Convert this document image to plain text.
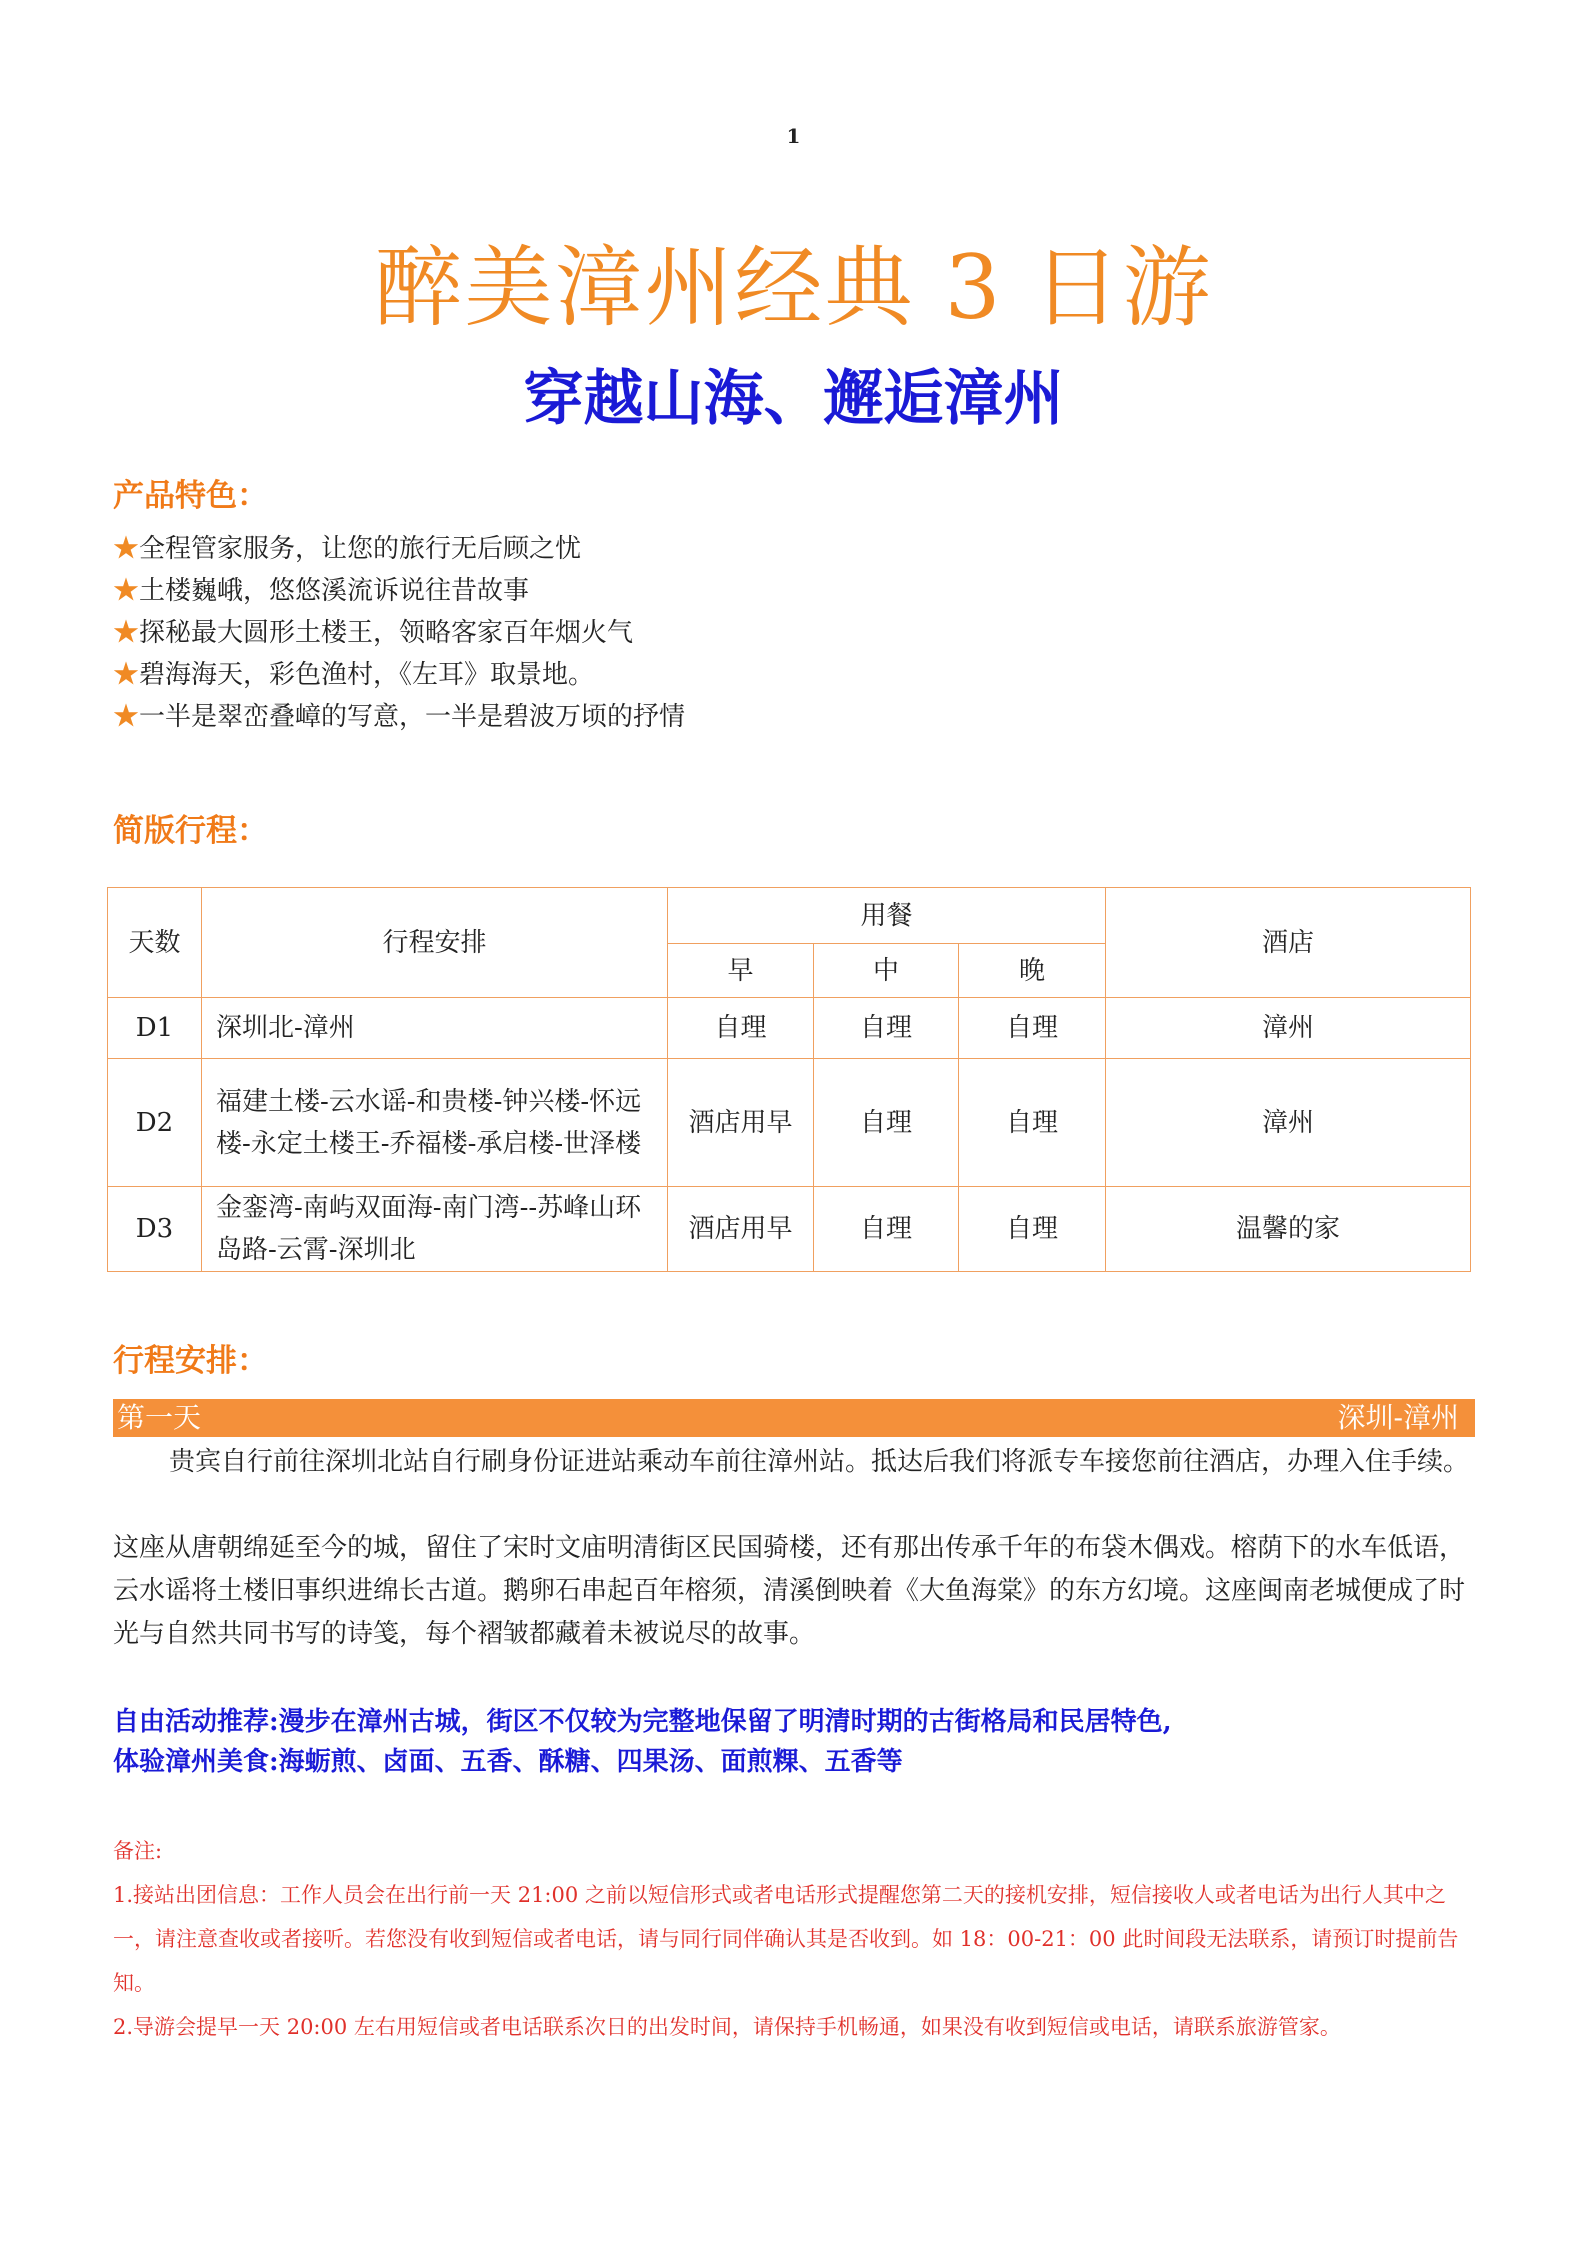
1
醉美漳州经典 3 日游
穿越山海、邂逅漳州
产品特色：
★全程管家服务，让您的旅行无后顾之忧
★土楼巍峨，悠悠溪流诉说往昔故事
★探秘最大圆形土楼王，领略客家百年烟火气
★碧海海天，彩色渔村，《左耳》取景地。
★一半是翠峦叠嶂的写意，一半是碧波万顷的抒情
简版行程：
天数	行程安排	用餐			酒店
		早	中	晚	
D1	深圳北-漳州	自理	自理	自理	漳州
D2	福建土楼-云水谣-和贵楼-钟兴楼-怀远楼-永定土楼王-乔福楼-承启楼-世泽楼	酒店用早	自理	自理	漳州
D3	金銮湾-南屿双面海-南门湾--苏峰山环岛路-云霄-深圳北	酒店用早	自理	自理	温馨的家
行程安排：
第一天	深圳-漳州

贵宾自行前往深圳北站自行刷身份证进站乘动车前往漳州站。抵达后我们将派专车接您前往酒店，办理入住手续。

这座从唐朝绵延至今的城，留住了宋时文庙明清街区民国骑楼，还有那出传承千年的布袋木偶戏。榕荫下的水车低语，云水谣将土楼旧事织进绵长古道。鹅卵石串起百年榕须，清溪倒映着《大鱼海棠》的东方幻境。这座闽南老城便成了时光与自然共同书写的诗笺，每个褶皱都藏着未被说尽的故事。

自由活动推荐:漫步在漳州古城，街区不仅较为完整地保留了明清时期的古街格局和民居特色,

体验漳州美食:海蛎煎、卤面、五香、酥糖、四果汤、面煎粿、五香等

备注:

1.接站出团信息：工作人员会在出行前一天 21:00 之前以短信形式或者电话形式提醒您第二天的接机安排，短信接收人或者电话为出行人其中之一，请注意查收或者接听。若您没有收到短信或者电话，请与同行同伴确认其是否收到。如 18：00-21：00 此时间段无法联系，请预订时提前告知。

2.导游会提早一天 20:00 左右用短信或者电话联系次日的出发时间，请保持手机畅通，如果没有收到短信或电话，请联系旅游管家。
